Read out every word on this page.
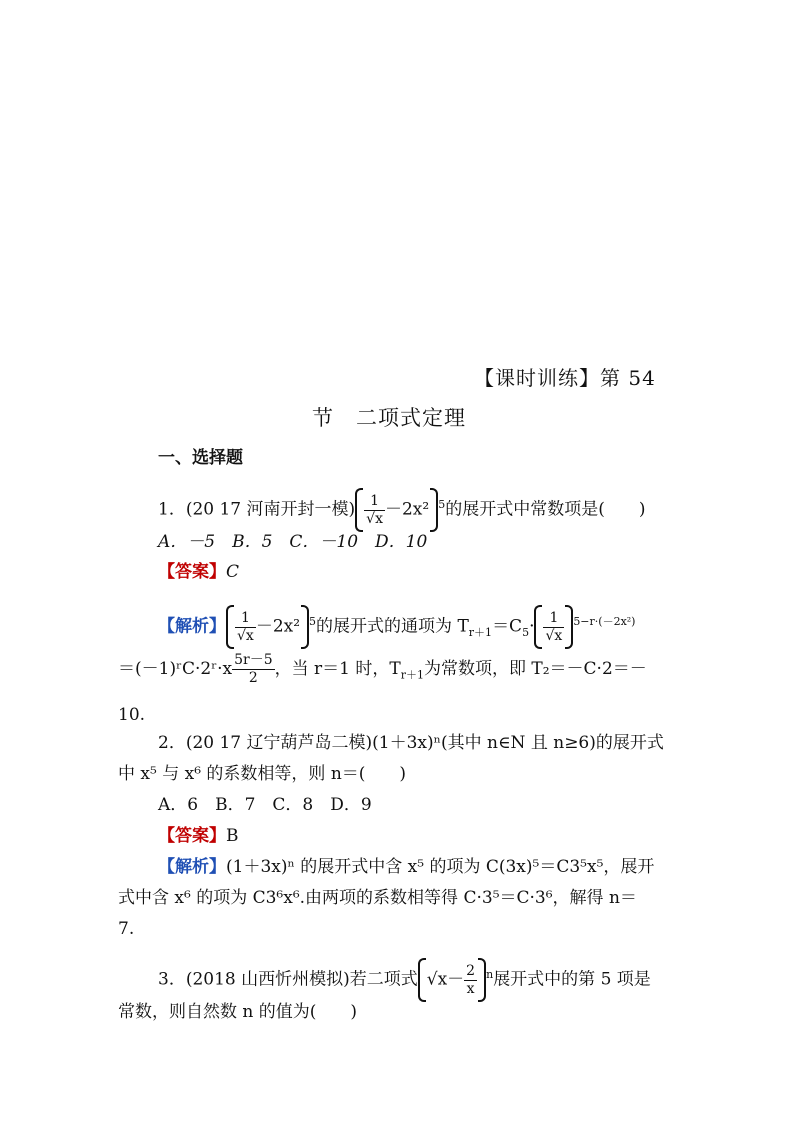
【课时训练】第 54
节　二项式定理
一、选择题
1．(20 17 河南开封一模) $\frac{1}{√x} -2x^2$ $^5$的展开式中常数项是(　　)
A．－5　B．5　C．－10　D．10
【答案】C
【解析】 $\frac{1}{√x} -2x^2$ $^5$的展开式的通项为 $T_{r+1}=C_5\cdot \frac{1}{√x} ^{5-r\cdot(-2x^2)}$
＝(－1)ʳC·2ʳ·x $\frac{5r-5}{2}$ ，当 r＝1 时，$T_{r+1}$为常数项，即 T₂＝－C·2＝－
10.
2．(20 17 辽宁葫芦岛二模)(1＋3x)ⁿ(其中 n∈N 且 n≥6)的展开式
中 x⁵ 与 x⁶ 的系数相等，则 n＝(　　)
A．6　B．7　C．8　D．9
【答案】B
【解析】(1＋3x)ⁿ 的展开式中含 x⁵ 的项为 C(3x)⁵＝C3⁵x⁵，展开
式中含 x⁶ 的项为 C3⁶x⁶.由两项的系数相等得 C·3⁵＝C·3⁶，解得 n＝
7.
3．(2018 山西忻州模拟)若二项式 $√x- \frac{2}{x} ^n$展开式中的第 5 项是
常数，则自然数 n 的值为(　　)
